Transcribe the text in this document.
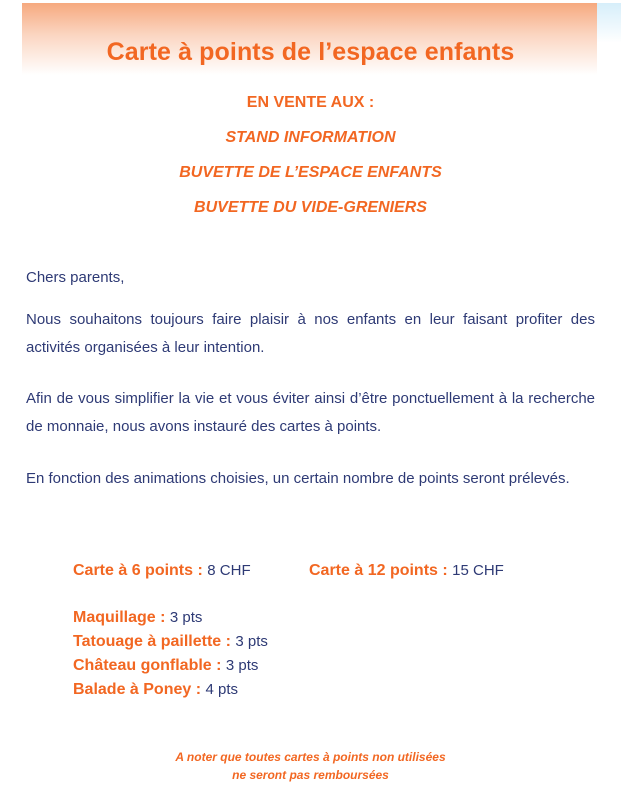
Carte à points de l’espace enfants
EN VENTE AUX :
STAND INFORMATION
BUVETTE DE L’ESPACE ENFANTS
BUVETTE DU VIDE-GRENIERS
Chers parents,
Nous souhaitons toujours faire plaisir à nos enfants en leur faisant profiter des activités organisées à leur intention.
Afin de vous simplifier la vie et vous éviter ainsi d’être ponctuellement à la recherche de monnaie, nous avons instauré des cartes à points.
En fonction des animations choisies, un certain nombre de points seront prélevés.
Carte à 6 points : 8 CHF	Carte à 12 points : 15 CHF
Maquillage : 3 pts
Tatouage à paillette : 3 pts
Château gonflable : 3 pts
Balade à Poney : 4 pts
A noter que toutes cartes à points non utilisées
ne seront pas remboursées
